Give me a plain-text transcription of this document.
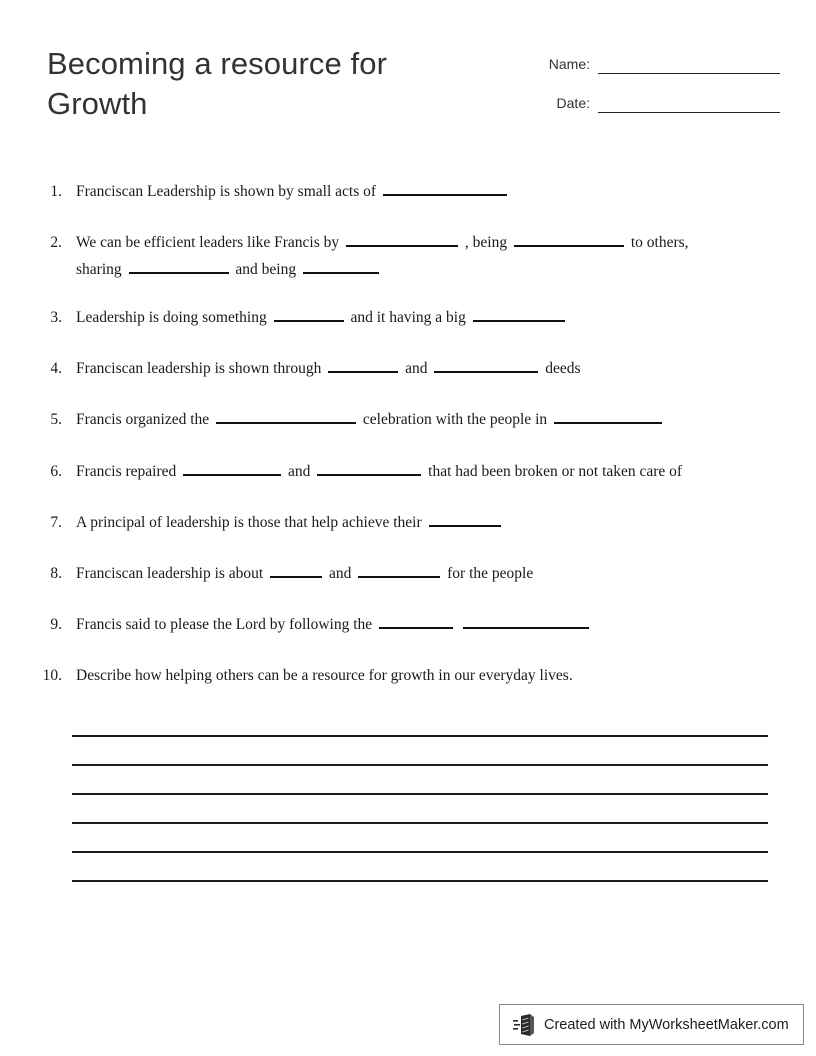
Becoming a resource for Growth
Name:
Date:
1. Franciscan Leadership is shown by small acts of
2. We can be efficient leaders like Francis by	, being	to others,
sharing	and being
3. Leadership is doing something	and it having a big
4. Franciscan leadership is shown through	and	deeds
5. Francis organized the	celebration with the people in
6. Francis repaired	and	that had been broken or not taken care of
7. A principal of leadership is those that help achieve their
8. Franciscan leadership is about	and	for the people
9. Francis said to please the Lord by following the
10. Describe how helping others can be a resource for growth in our everyday lives.
Created with MyWorksheetMaker.com
